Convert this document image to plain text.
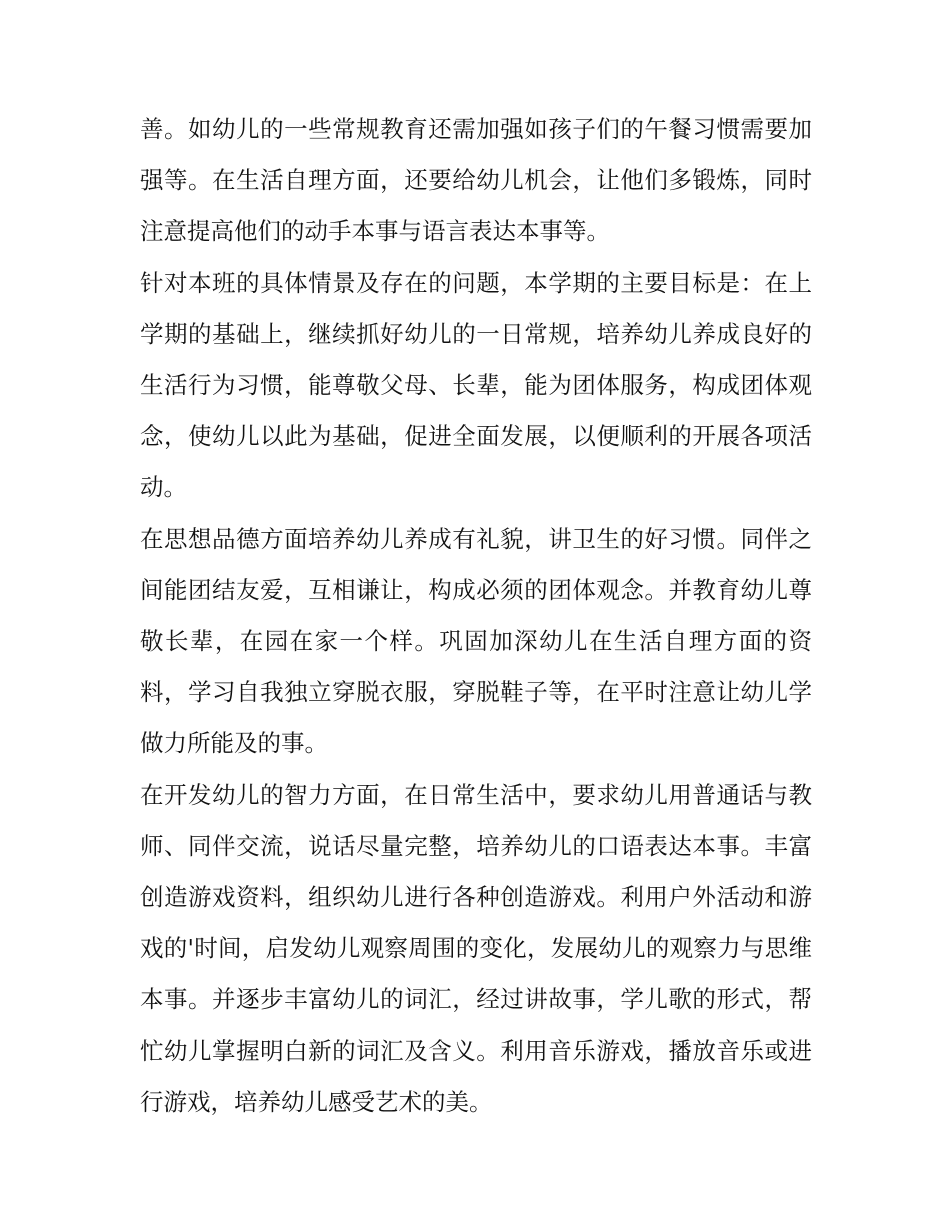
善。如幼儿的一些常规教育还需加强如孩子们的午餐习惯需要加强等。在生活自理方面，还要给幼儿机会，让他们多锻炼，同时注意提高他们的动手本事与语言表达本事等。

针对本班的具体情景及存在的问题，本学期的主要目标是：在上学期的基础上，继续抓好幼儿的一日常规，培养幼儿养成良好的生活行为习惯，能尊敬父母、长辈，能为团体服务，构成团体观念，使幼儿以此为基础，促进全面发展，以便顺利的开展各项活动。

在思想品德方面培养幼儿养成有礼貌，讲卫生的好习惯。同伴之间能团结友爱，互相谦让，构成必须的团体观念。并教育幼儿尊敬长辈，在园在家一个样。巩固加深幼儿在生活自理方面的资料，学习自我独立穿脱衣服，穿脱鞋子等，在平时注意让幼儿学做力所能及的事。

在开发幼儿的智力方面，在日常生活中，要求幼儿用普通话与教师、同伴交流，说话尽量完整，培养幼儿的口语表达本事。丰富创造游戏资料，组织幼儿进行各种创造游戏。利用户外活动和游戏的'时间，启发幼儿观察周围的变化，发展幼儿的观察力与思维本事。并逐步丰富幼儿的词汇，经过讲故事，学儿歌的形式，帮忙幼儿掌握明白新的词汇及含义。利用音乐游戏，播放音乐或进行游戏，培养幼儿感受艺术的美。
